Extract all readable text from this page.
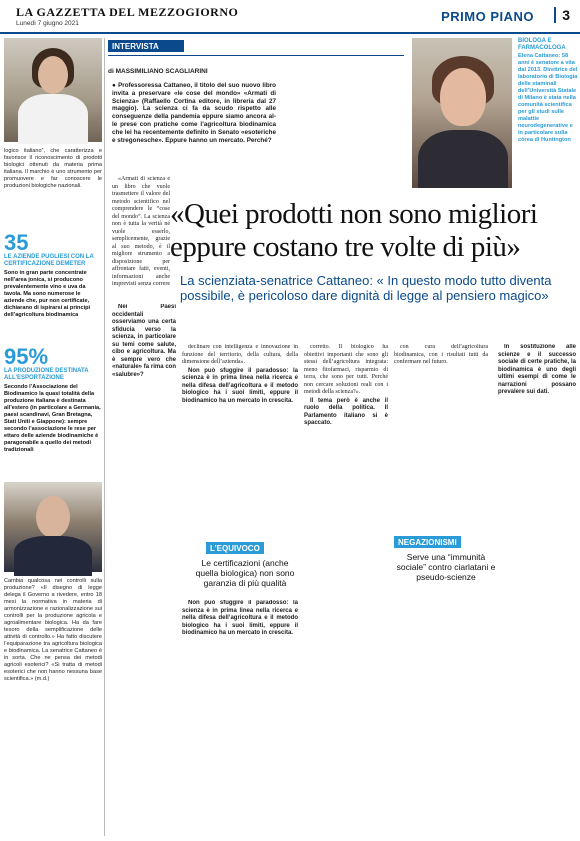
LA GAZZETTA DEL MEZZOGIORNO
Lunedì 7 giugno 2021	PRIMO PIANO	3
logico italiano”, che caratterizza e favorisce il riconoscimento di prodotti biologici ottenuti da materia prima italiana. Il marchio è uno strumento per promuovere e far conoscere le produzioni biologiche nazionali.
35
LE AZIENDE PUGLIESI CON LA CERTIFICAZIONE DEMETER
Sono in gran parte concentrate nell’area jonica, si producono prevalentemente vino e uva da tavola. Ma sono numerose le aziende che, pur non certificate, dichiarano di ispirarsi ai principi dell’agricoltura biodinamica
95%
LA PRODUZIONE DESTINATA ALL’ESPORTAZIONE
Secondo l’Associazione del Biodinamico la quasi totalità della produzione italiana è destinata all’estero (in particolare a Germania, paesi scandinavi, Gran Bretagna, Stati Uniti e Giappone): sempre secondo l’associazione le rese per ettaro delle aziende biodinamiche è paragonabile a quello dei metodi tradizionali
Cambia qualcosa nei controlli sulla produzione? «Il disegno di legge delega il Governo a rivedere, entro 18 mesi la normativa in materia di armonizzazione e razionalizzazione sui controlli per la produzione agricola e agroalimentare biologica. Ha da fare tesoro della semplificazione delle attività di controllo.» Ha fatto discutere l’equiparazione tra agricoltura biologica e biodinamica. La senatrice Cattaneo è in sorta. Che ne pensa dei metodi agricoli esoterici? «Si tratta di metodi esoterici che non hanno nessuna base scientifica.» (m.d.)
INTERVISTA
di MASSIMILIANO SCAGLIARINI
● Professoressa Cattaneo, il titolo del suo nuovo libro invita a preservare «le cose del mondo» «Armati di Scienza» (Raffaello Cortina editore, in libreria dal 27 maggio). La scienza ci fa da scudo rispetto alle conseguenze della pandemia eppure siamo ancora al-le prese con pratiche come l’agricoltura biodinamica che lei ha recentemente definito in Senato «esoteriche e stregonesche». Eppure hanno un mercato. Perché?

«Armati di scienza è un libro che vuole trasmettere il valore del metodo scientifico nel comprendere le “cose del mondo”. La scienza non è tutta la verità né vuole esserlo, semplicemente, grazie al suo metodo, è il migliore strumento a disposizione per affrontare fatti, eventi, informazioni anche imprevisti senza correre

BIOLOGA E FARMACOLOGA
Elena Cattaneo: 58 anni è senatore a vita dal 2013. Direttrice del laboratorio di Biologia delle staminali dell’Università Statale di Milano è stata nella comunità scientifica per gli studi sulle malattie neurodegenerative e in particolare sulla còrea di Huntington
«Quei prodotti non sono migliori eppure costano tre volte di più»
La scienziata-senatrice Cattaneo: « In questo modo tutto diventa possibile, è pericoloso dare dignità di legge al pensiero magico»

Nei Paesi occidentali osserviamo una certa sfiducia verso la scienza, in particolare su temi come salute, cibo e agricoltura. Ma è sempre vero che «naturale» fa rima con «salubre»?

declinare con intelligenza e innovazione in funzione del territorio, della cultura, della dimensione dell’azienda».

Non può sfuggire il paradosso: la scienza è in prima linea nella ricerca e nella difesa dell’agricoltura e il metodo biologico ha i suoi limiti, eppure il biodinamico ha un mercato in crescita.

L’EQUIVOCO
Le certificazioni (anche quella biologica) non sono garanzia di più qualità

Non può sfuggire il paradosso: la scienza è in prima linea nella ricerca e nella difesa dell’agricoltura e il metodo biologico ha i suoi limiti, eppure il biodinamico ha un mercato in crescita.

corretto. Il biologico ha obiettivi importanti che sono gli stessi dell’agricoltura integrata: meno fitofarmaci, risparmio di terra, che sono per tutti. Perché non cercare soluzioni reali con i metodi della scienza?».

Il tema però è anche il ruolo della politica. Il Parlamento italiano si è spaccato.

NEGAZIONISMI
Serve una “immunità sociale” contro ciarlatani e pseudo-scienze

con cura dell’agricoltura biodinamica, con i risultati tutti da confermare nel futuro.

In sostituzione alle scienze e il successo sociale di certe pratiche, la biodinamica è uno degli ultimi esempi di come le narrazioni possano prevalere sui dati.
